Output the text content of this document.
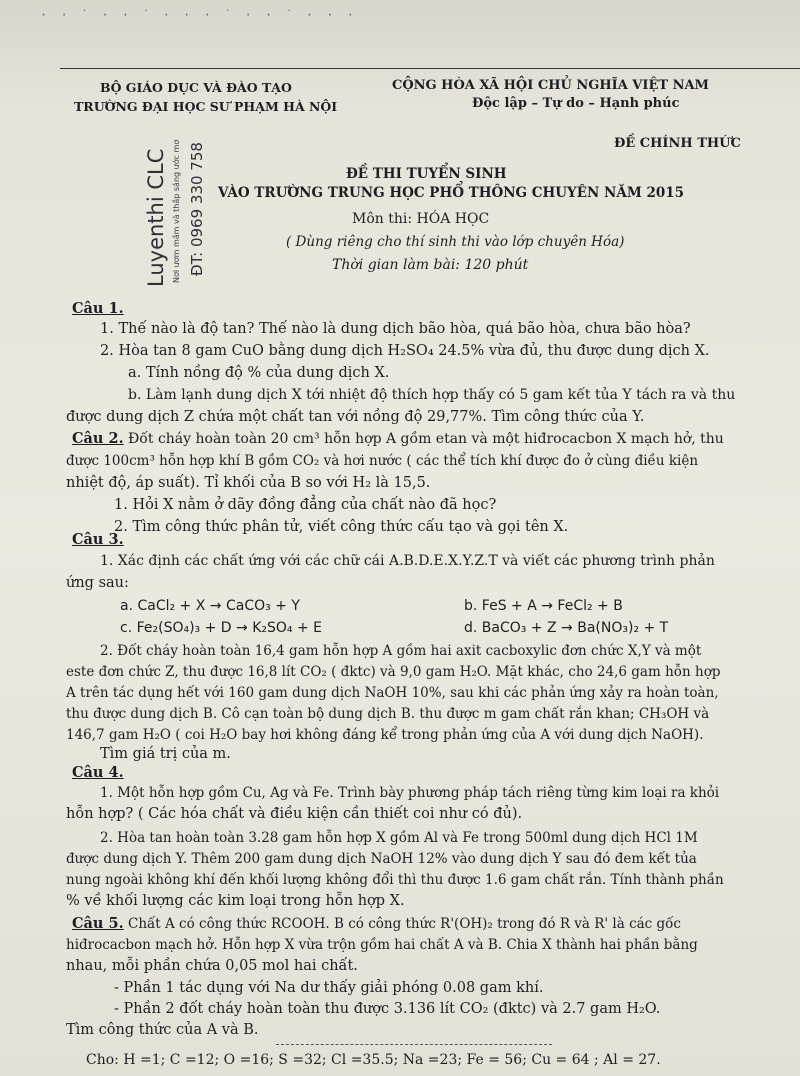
· · ˙ · · ˙ · · · ˙ · · ˙ · · ·
BỘ GIÁO DỤC VÀ ĐÀO TẠO
TRƯỜNG ĐẠI HỌC SƯ PHẠM HÀ NỘI
CỘNG HÒA XÃ HỘI CHỦ NGHĨA VIỆT NAM
Độc lập – Tự do – Hạnh phúc
ĐỀ CHÍNH THỨC
Luyenthi CLC Nơi ươm mầm và thắp sáng ước mơ ĐT: 0969 330 758	ĐỀ THI TUYỂN SINH
VÀO TRƯỜNG TRUNG HỌC PHỔ THÔNG CHUYÊN NĂM 2015
Môn thi: HÓA HỌC
( Dùng riêng cho thí sinh thi vào lớp chuyên Hóa)
Thời gian làm bài: 120 phút
Câu 1.
1. Thế nào là độ tan? Thế nào là dung dịch bão hòa, quá bão hòa, chưa bão hòa?
2. Hòa tan 8 gam CuO bằng dung dịch H₂SO₄ 24.5% vừa đủ, thu được dung dịch X.
a. Tính nồng độ % của dung dịch X.
b. Làm lạnh dung dịch X tới nhiệt độ thích hợp thấy có 5 gam kết tủa Y tách ra và thu
được dung dịch Z chứa một chất tan với nồng độ 29,77%. Tìm công thức của Y.
Câu 2. Đốt cháy hoàn toàn 20 cm³ hỗn hợp A gồm etan và một hiđrocacbon X mạch hở, thu
được 100cm³ hỗn hợp khí B gồm CO₂ và hơi nước ( các thể tích khí được đo ở cùng điều kiện
nhiệt độ, áp suất). Tỉ khối của B so với H₂ là 15,5.
1. Hỏi X nằm ở dãy đồng đẳng của chất nào đã học?
2. Tìm công thức phân tử, viết công thức cấu tạo và gọi tên X.
Câu 3.
1. Xác định các chất ứng với các chữ cái A.B.D.E.X.Y.Z.T và viết các phương trình phản
ứng sau:
a. CaCl₂ + X → CaCO₃ + Y	b. FeS + A → FeCl₂ + B
c. Fe₂(SO₄)₃ + D → K₂SO₄ + E	d. BaCO₃ + Z → Ba(NO₃)₂ + T
2. Đốt cháy hoàn toàn 16,4 gam hỗn hợp A gồm hai axit cacboxylic đơn chức X,Y và một
este đơn chức Z, thu được 16,8 lít CO₂ ( đktc) và 9,0 gam H₂O. Mặt khác, cho 24,6 gam hỗn hợp
A trên tác dụng hết với 160 gam dung dịch NaOH 10%, sau khi các phản ứng xảy ra hoàn toàn,
thu được dung dịch B. Cô cạn toàn bộ dung dịch B. thu được m gam chất rắn khan; CH₃OH và
146,7 gam H₂O ( coi H₂O bay hơi không đáng kể trong phản ứng của A với dung dịch NaOH).
Tìm giá trị của m.
Câu 4.
1. Một hỗn hợp gồm Cu, Ag và Fe. Trình bày phương pháp tách riêng từng kim loại ra khỏi
hỗn hợp? ( Các hóa chất và điều kiện cần thiết coi như có đủ).
2. Hòa tan hoàn toàn 3.28 gam hỗn hợp X gồm Al và Fe trong 500ml dung dịch HCl 1M
được dung dịch Y. Thêm 200 gam dung dịch NaOH 12% vào dung dịch Y sau đó đem kết tủa
nung ngoài không khí đến khối lượng không đổi thì thu được 1.6 gam chất rắn. Tính thành phần
% về khối lượng các kim loại trong hỗn hợp X.
Câu 5. Chất A có công thức RCOOH. B có công thức R'(OH)₂ trong đó R và R' là các gốc
hiđrocacbon mạch hở. Hỗn hợp X vừa trộn gồm hai chất A và B. Chia X thành hai phần bằng
nhau, mỗi phần chứa 0,05 mol hai chất.
- Phần 1 tác dụng với Na dư thấy giải phóng 0.08 gam khí.
- Phần 2 đốt cháy hoàn toàn thu được 3.136 lít CO₂ (đktc) và 2.7 gam H₂O.
Tìm công thức của A và B.
Cho: H =1; C =12; O =16; S =32; Cl =35.5; Na =23; Fe = 56; Cu = 64 ; Al = 27.
